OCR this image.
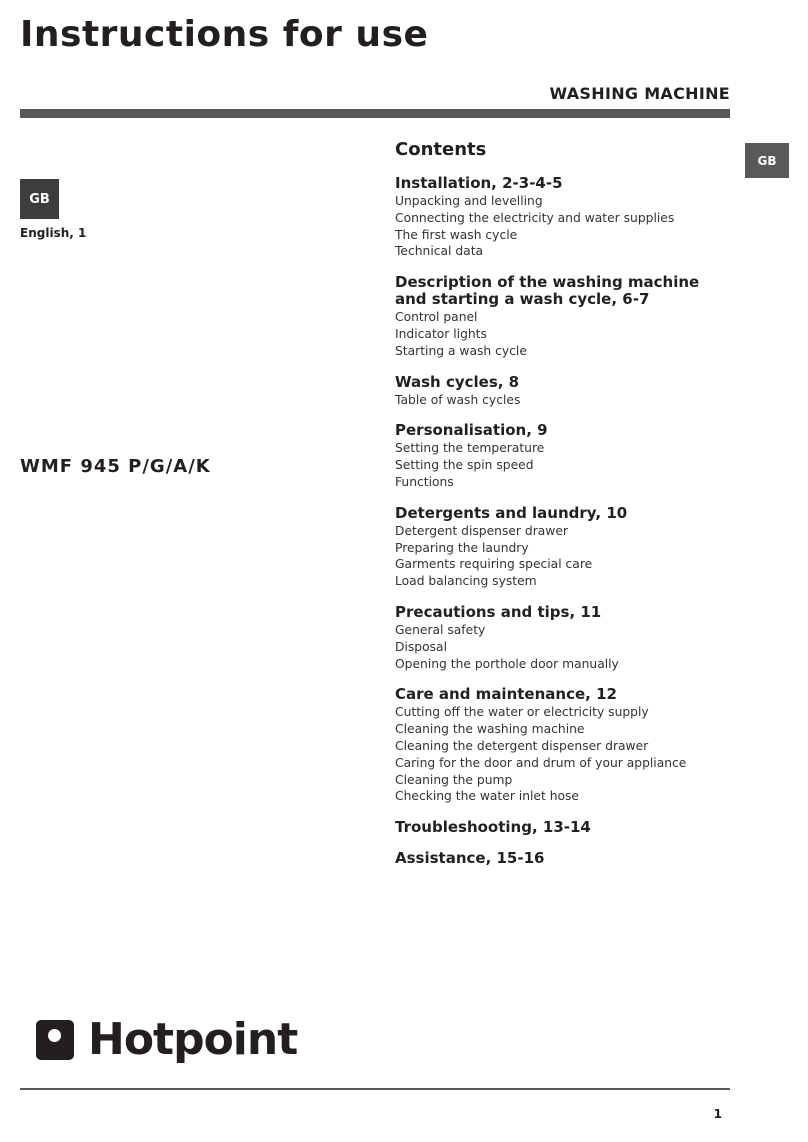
Instructions for use
WASHING MACHINE
GB
GB
English, 1
WMF 945 P/G/A/K
Contents
Installation, 2-3-4-5
Unpacking and levelling
Connecting the electricity and water supplies
The first wash cycle
Technical data
Description of the washing machine and starting a wash cycle, 6-7
Control panel
Indicator lights
Starting a wash cycle
Wash cycles, 8
Table of wash cycles
Personalisation, 9
Setting the temperature
Setting the spin speed
Functions
Detergents and laundry, 10
Detergent dispenser drawer
Preparing the laundry
Garments requiring special care
Load balancing system
Precautions and tips, 11
General safety
Disposal
Opening the porthole door manually
Care and maintenance, 12
Cutting off the water or electricity supply
Cleaning the washing machine
Cleaning the detergent dispenser drawer
Caring for the door and drum of your appliance
Cleaning the pump
Checking the water inlet hose
Troubleshooting, 13-14
Assistance, 15-16
Hotpoint
1
